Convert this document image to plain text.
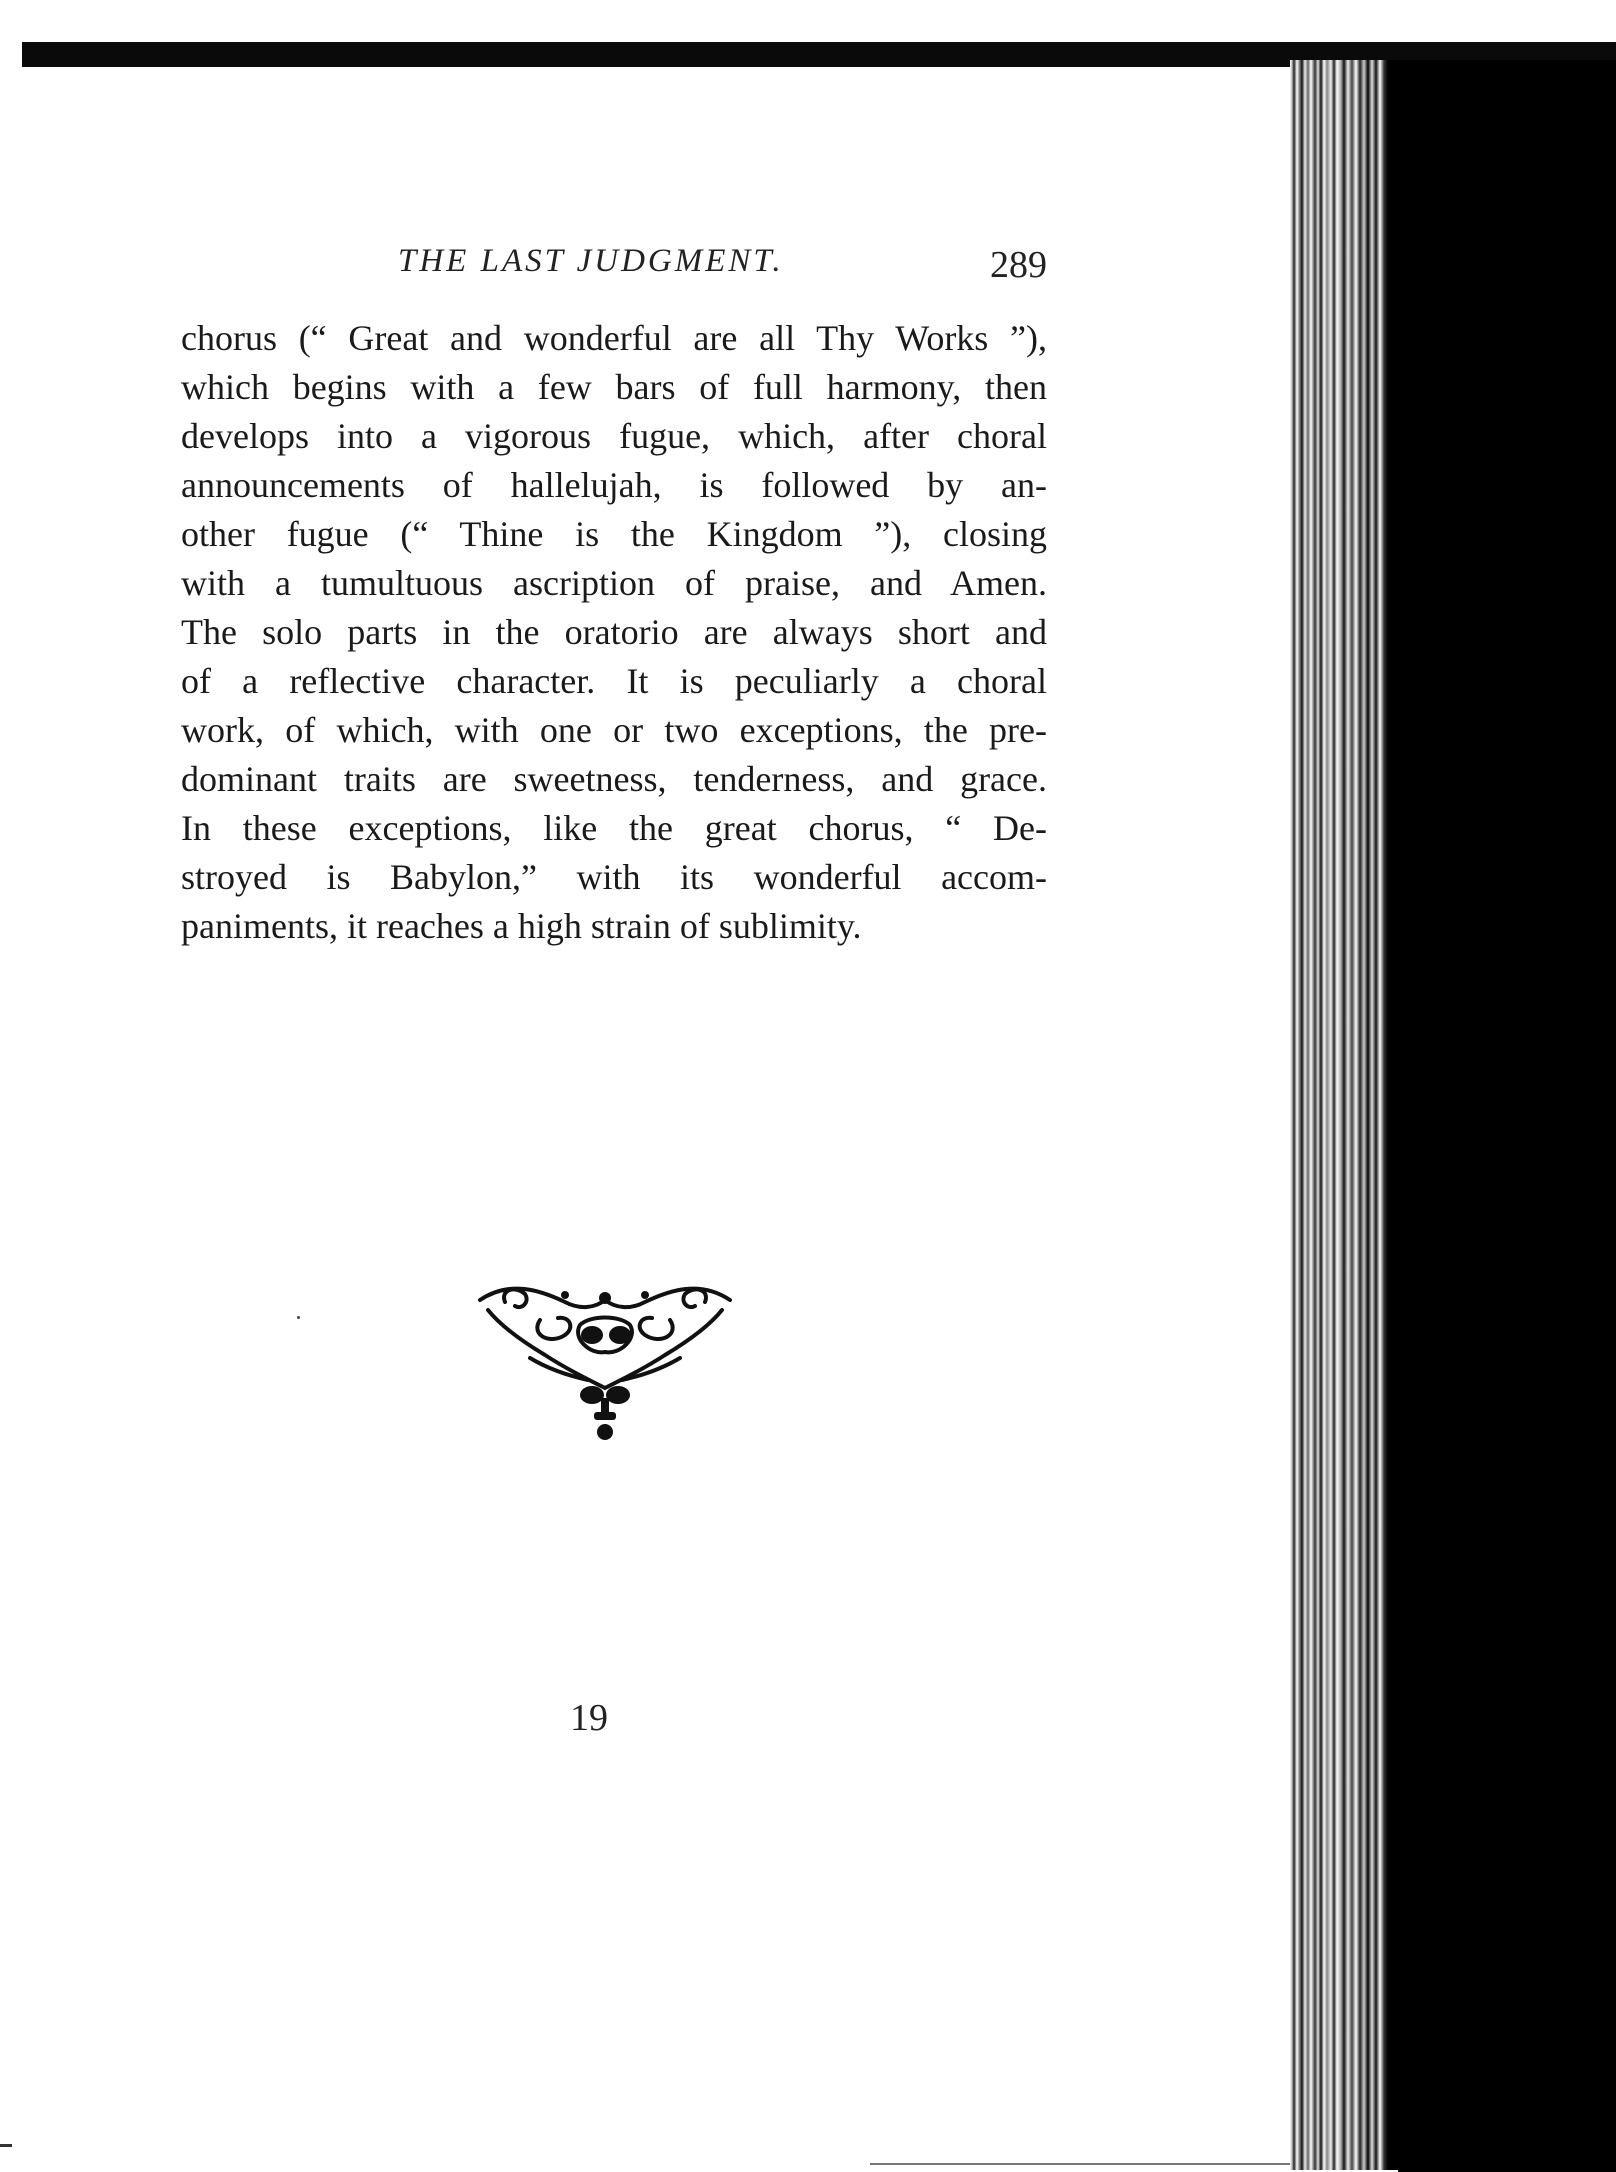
THE LAST JUDGMENT.	289
chorus (“ Great and wonderful are all Thy Works ”),
which begins with a few bars of full harmony, then
develops into a vigorous fugue, which, after choral
announcements of hallelujah, is followed by an-
other fugue (“ Thine is the Kingdom ”), closing
with a tumultuous ascription of praise, and Amen.
The solo parts in the oratorio are always short and
of a reflective character. It is peculiarly a choral
work, of which, with one or two exceptions, the pre-
dominant traits are sweetness, tenderness, and grace.
In these exceptions, like the great chorus, “ De-
stroyed is Babylon,” with its wonderful accom-
paniments, it reaches a high strain of sublimity.
19
